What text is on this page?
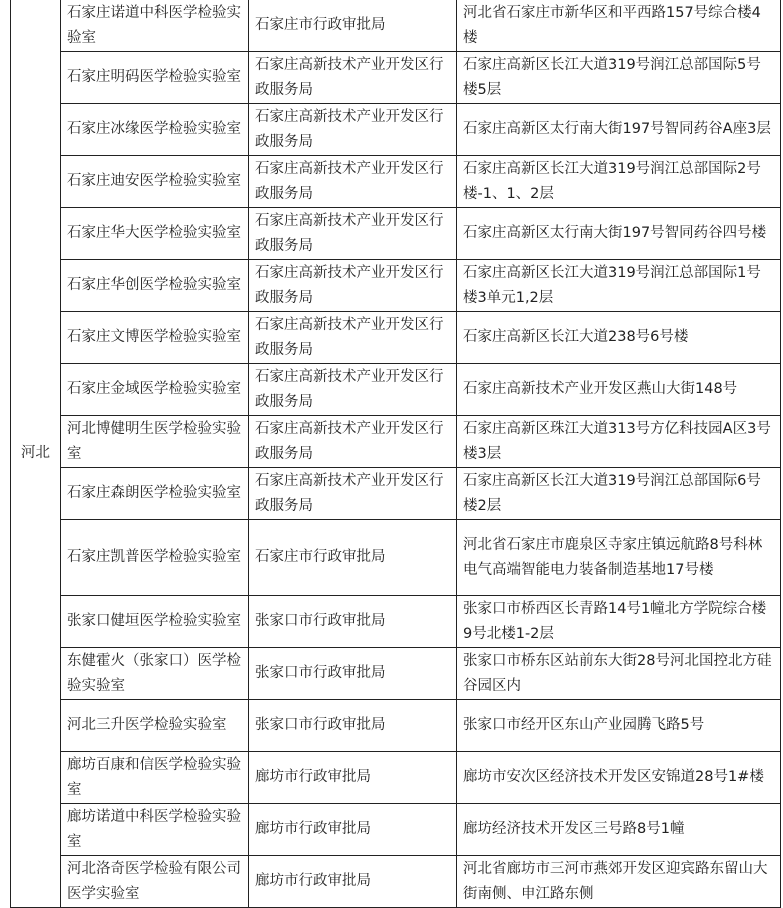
河北	石家庄诺道中科医学检验实验室	石家庄市行政审批局	河北省石家庄市新华区和平西路157号综合楼4楼
	石家庄明码医学检验实验室	石家庄高新技术产业开发区行政服务局	石家庄高新区长江大道319号润江总部国际5号楼5层
	石家庄冰缘医学检验实验室	石家庄高新技术产业开发区行政服务局	石家庄高新区太行南大街197号智同药谷A座3层
	石家庄迪安医学检验实验室	石家庄高新技术产业开发区行政服务局	石家庄高新区长江大道319号润江总部国际2号楼-1、1、2层
	石家庄华大医学检验实验室	石家庄高新技术产业开发区行政服务局	石家庄高新区太行南大街197号智同药谷四号楼
	石家庄华创医学检验实验室	石家庄高新技术产业开发区行政服务局	石家庄高新区长江大道319号润江总部国际1号楼3单元1,2层
	石家庄文博医学检验实验室	石家庄高新技术产业开发区行政服务局	石家庄高新区长江大道238号6号楼
	石家庄金域医学检验实验室	石家庄高新技术产业开发区行政服务局	石家庄高新技术产业开发区燕山大街148号
	河北博健明生医学检验实验室	石家庄高新技术产业开发区行政服务局	石家庄高新区珠江大道313号方亿科技园A区3号楼3层
	石家庄森朗医学检验实验室	石家庄高新技术产业开发区行政服务局	石家庄高新区长江大道319号润江总部国际6号楼2层
	石家庄凯普医学检验实验室	石家庄市行政审批局	河北省石家庄市鹿泉区寺家庄镇远航路8号科林电气高端智能电力装备制造基地17号楼
	张家口健垣医学检验实验室	张家口市行政审批局	张家口市桥西区长青路14号1幢北方学院综合楼9号北楼1-2层
	东健霍火（张家口）医学检验实验室	张家口市行政审批局	张家口市桥东区站前东大街28号河北国控北方硅谷园区内
	河北三升医学检验实验室	张家口市行政审批局	张家口市经开区东山产业园腾飞路5号
	廊坊百康和信医学检验实验室	廊坊市行政审批局	廊坊市安次区经济技术开发区安锦道28号1#楼
	廊坊诺道中科医学检验实验室	廊坊市行政审批局	廊坊经济技术开发区三号路8号1幢
	河北洛奇医学检验有限公司医学实验室	廊坊市行政审批局	河北省廊坊市三河市燕郊开发区迎宾路东留山大街南侧、申江路东侧
